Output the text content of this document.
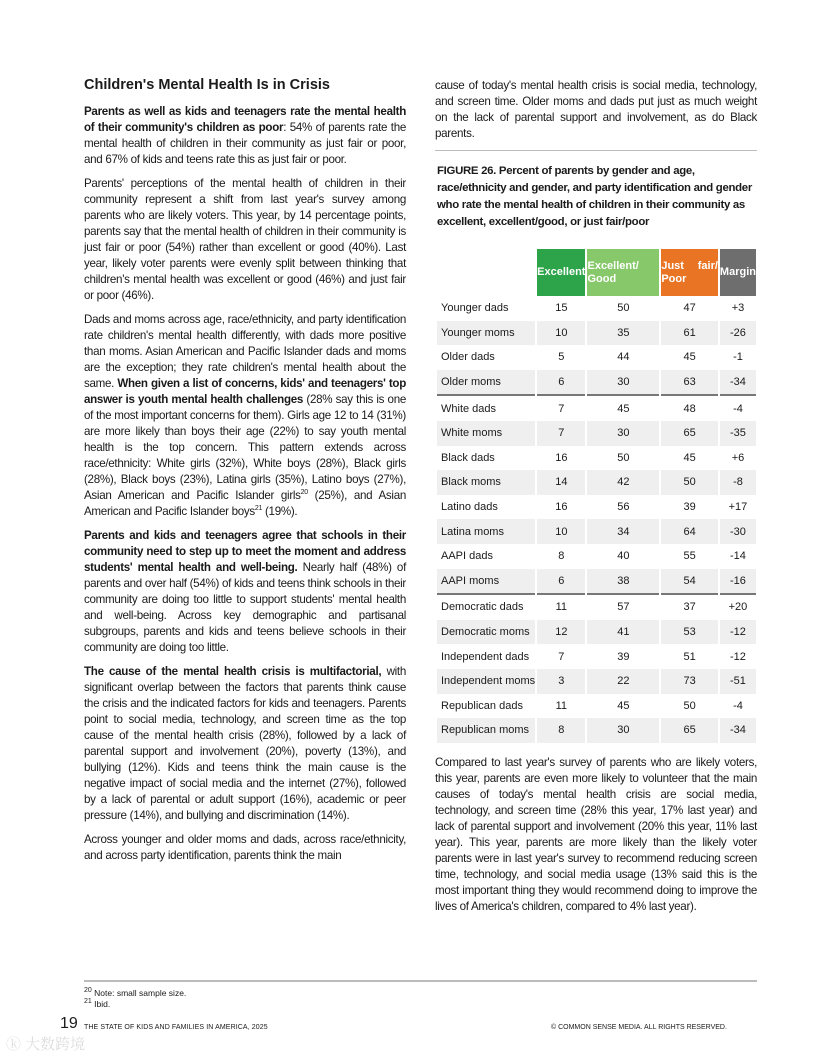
Children's Mental Health Is in Crisis

Parents as well as kids and teenagers rate the mental health of their community's children as poor: 54% of parents rate the mental health of children in their community as just fair or poor, and 67% of kids and teens rate this as just fair or poor.

Parents' perceptions of the mental health of children in their community represent a shift from last year's survey among parents who are likely voters. This year, by 14 percentage points, parents say that the mental health of children in their community is just fair or poor (54%) rather than excellent or good (40%). Last year, likely voter parents were evenly split between thinking that children's mental health was excellent or good (46%) and just fair or poor (46%).

Dads and moms across age, race/ethnicity, and party identification rate children's mental health differently, with dads more positive than moms. Asian American and Pacific Islander dads and moms are the exception; they rate children's mental health about the same. When given a list of concerns, kids' and teenagers' top answer is youth mental health challenges (28% say this is one of the most important concerns for them). Girls age 12 to 14 (31%) are more likely than boys their age (22%) to say youth mental health is the top concern. This pattern extends across race/ethnicity: White girls (32%), White boys (28%), Black girls (28%), Black boys (23%), Latina girls (35%), Latino boys (27%), Asian American and Pacific Islander girls$^{20}$ (25%), and Asian American and Pacific Islander boys$^{21}$ (19%).

Parents and kids and teenagers agree that schools in their community need to step up to meet the moment and address students' mental health and well-being. Nearly half (48%) of parents and over half (54%) of kids and teens think schools in their community are doing too little to support students' mental health and well-being. Across key demographic and partisanal subgroups, parents and kids and teens believe schools in their community are doing too little.

The cause of the mental health crisis is multifactorial, with significant overlap between the factors that parents think cause the crisis and the indicated factors for kids and teenagers. Parents point to social media, technology, and screen time as the top cause of the mental health crisis (28%), followed by a lack of parental support and involvement (20%), poverty (13%), and bullying (12%). Kids and teens think the main cause is the negative impact of social media and the internet (27%), followed by a lack of parental or adult support (16%), academic or peer pressure (14%), and bullying and discrimination (14%).

Across younger and older moms and dads, across race/ethnicity, and across party identification, parents think the main

cause of today's mental health crisis is social media, technology, and screen time. Older moms and dads put just as much weight on the lack of parental support and involvement, as do Black parents.

FIGURE 26. Percent of parents by gender and age, race/ethnicity and gender, and party identification and gender who rate the mental health of children in their community as excellent, excellent/good, or just fair/poor
	Excellent	Excellent/ Good	Just fair/ Poor	Margin
Younger dads	15	50	47	+3
Younger moms	10	35	61	-26
Older dads	5	44	45	-1
Older moms	6	30	63	-34
White dads	7	45	48	-4
White moms	7	30	65	-35
Black dads	16	50	45	+6
Black moms	14	42	50	-8
Latino dads	16	56	39	+17
Latina moms	10	34	64	-30
AAPI dads	8	40	55	-14
AAPI moms	6	38	54	-16
Democratic dads	11	57	37	+20
Democratic moms	12	41	53	-12
Independent dads	7	39	51	-12
Independent moms	3	22	73	-51
Republican dads	11	45	50	-4
Republican moms	8	30	65	-34

Compared to last year's survey of parents who are likely voters, this year, parents are even more likely to volunteer that the main causes of today's mental health crisis are social media, technology, and screen time (28% this year, 17% last year) and lack of parental support and involvement (20% this year, 11% last year). This year, parents are more likely than the likely voter parents were in last year's survey to recommend reducing screen time, technology, and social media usage (13% said this is the most important thing they would recommend doing to improve the lives of America's children, compared to 4% last year).

$^{20}$ Note: small sample size.
$^{21}$ Ibid.
19 THE STATE OF KIDS AND FAMILIES IN AMERICA, 2025	© COMMON SENSE MEDIA. ALL RIGHTS RESERVED.
ⓚ 大数跨境
